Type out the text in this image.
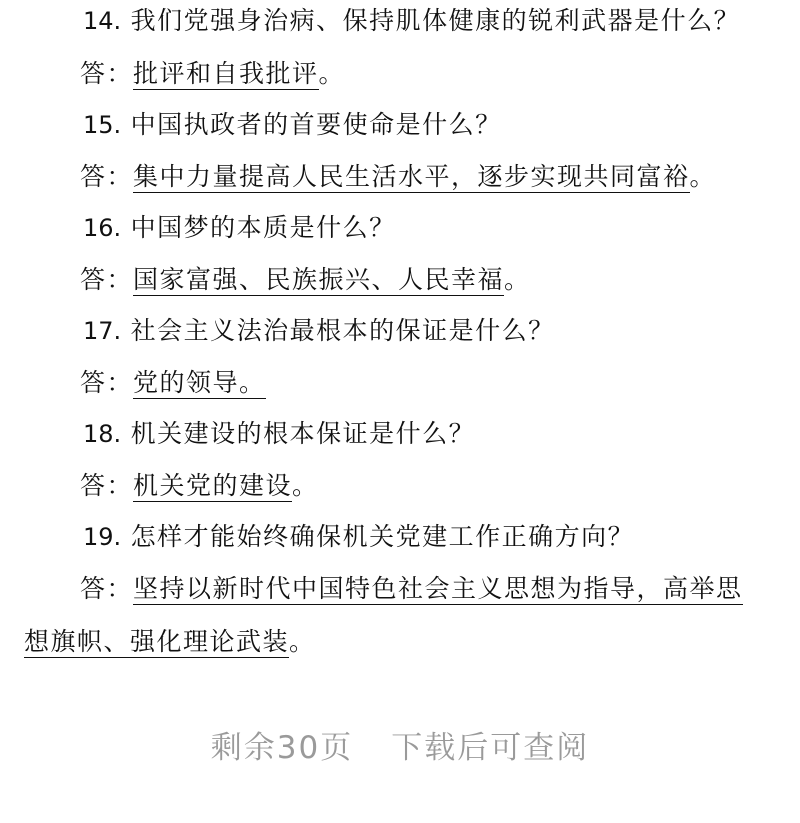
14. 我们党强身治病、保持肌体健康的锐利武器是什么？
答：批评和自我批评。
15. 中国执政者的首要使命是什么？
答：集中力量提高人民生活水平，逐步实现共同富裕。
16. 中国梦的本质是什么？
答：国家富强、民族振兴、人民幸福。
17. 社会主义法治最根本的保证是什么？
答：党的领导。
18. 机关建设的根本保证是什么？
答：机关党的建设。
19. 怎样才能始终确保机关党建工作正确方向？
答：坚持以新时代中国特色社会主义思想为指导，高举思
想旗帜、强化理论武装。
剩余30页 下载后可查阅
